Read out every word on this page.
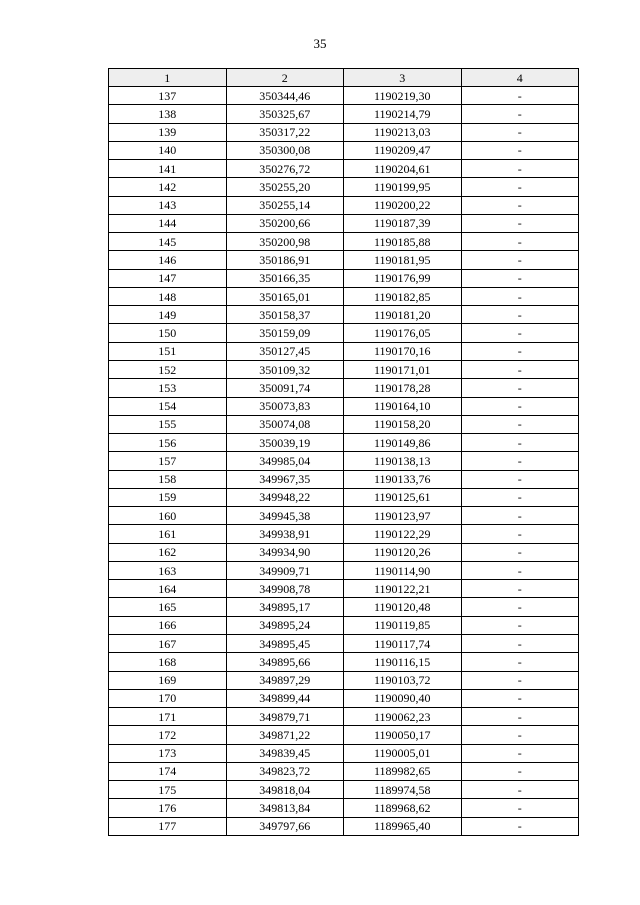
35
1	2	3	4
137	350344,46	1190219,30	-
138	350325,67	1190214,79	-
139	350317,22	1190213,03	-
140	350300,08	1190209,47	-
141	350276,72	1190204,61	-
142	350255,20	1190199,95	-
143	350255,14	1190200,22	-
144	350200,66	1190187,39	-
145	350200,98	1190185,88	-
146	350186,91	1190181,95	-
147	350166,35	1190176,99	-
148	350165,01	1190182,85	-
149	350158,37	1190181,20	-
150	350159,09	1190176,05	-
151	350127,45	1190170,16	-
152	350109,32	1190171,01	-
153	350091,74	1190178,28	-
154	350073,83	1190164,10	-
155	350074,08	1190158,20	-
156	350039,19	1190149,86	-
157	349985,04	1190138,13	-
158	349967,35	1190133,76	-
159	349948,22	1190125,61	-
160	349945,38	1190123,97	-
161	349938,91	1190122,29	-
162	349934,90	1190120,26	-
163	349909,71	1190114,90	-
164	349908,78	1190122,21	-
165	349895,17	1190120,48	-
166	349895,24	1190119,85	-
167	349895,45	1190117,74	-
168	349895,66	1190116,15	-
169	349897,29	1190103,72	-
170	349899,44	1190090,40	-
171	349879,71	1190062,23	-
172	349871,22	1190050,17	-
173	349839,45	1190005,01	-
174	349823,72	1189982,65	-
175	349818,04	1189974,58	-
176	349813,84	1189968,62	-
177	349797,66	1189965,40	-
